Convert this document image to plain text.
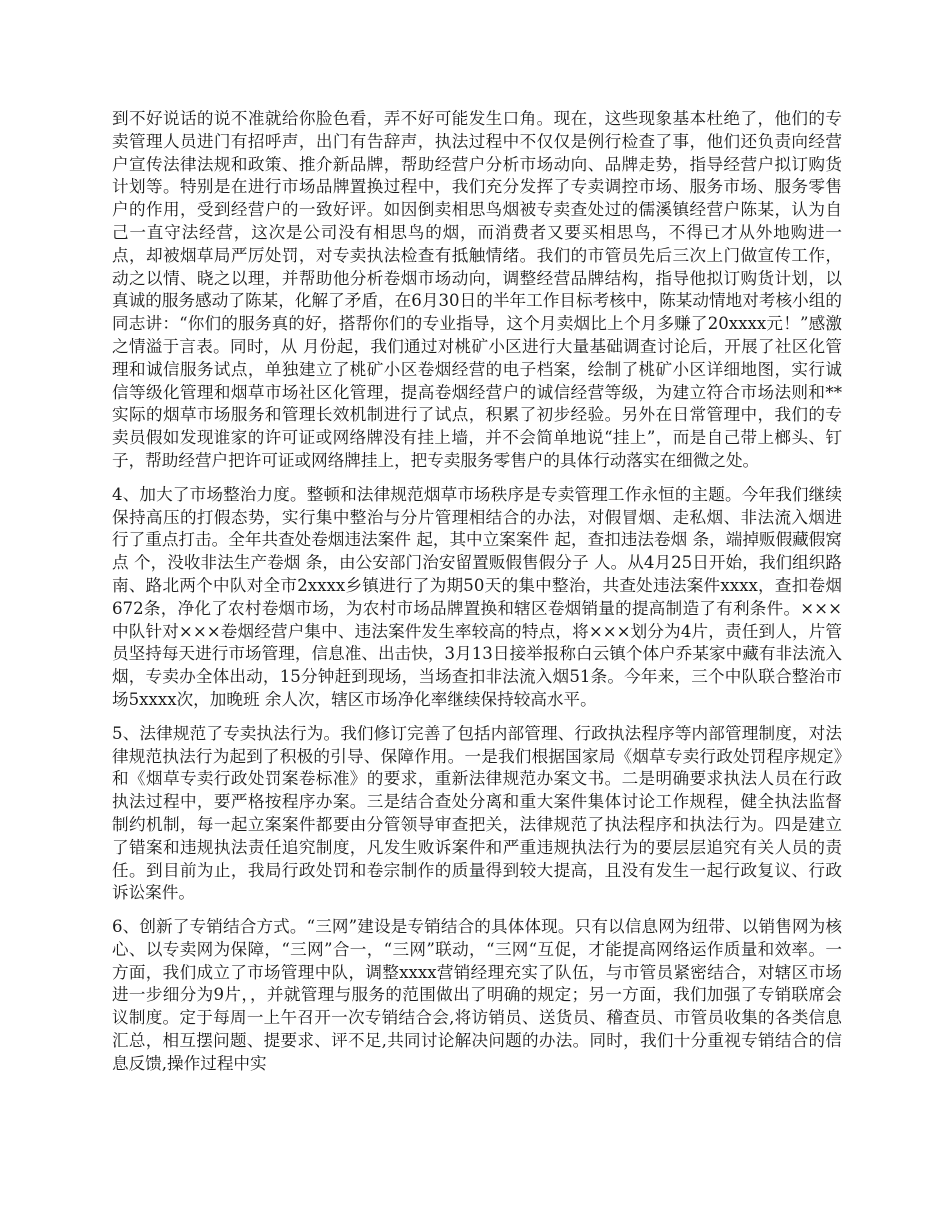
到不好说话的说不准就给你脸色看，弄不好可能发生口角。现在，这些现象基本杜绝了，他们的专卖管理人员进门有招呼声，出门有告辞声，执法过程中不仅仅是例行检查了事，他们还负责向经营户宣传法律法规和政策、推介新品牌，帮助经营户分析市场动向、品牌走势，指导经营户拟订购货计划等。特别是在进行市场品牌置换过程中，我们充分发挥了专卖调控市场、服务市场、服务零售户的作用，受到经营户的一致好评。如因倒卖相思鸟烟被专卖查处过的儒溪镇经营户陈某，认为自己一直守法经营，这次是公司没有相思鸟的烟，而消费者又要买相思鸟，不得已才从外地购进一点，却被烟草局严厉处罚，对专卖执法检查有抵触情绪。我们的市管员先后三次上门做宣传工作，动之以情、晓之以理，并帮助他分析卷烟市场动向，调整经营品牌结构，指导他拟订购货计划，以真诚的服务感动了陈某，化解了矛盾，在6月30日的半年工作目标考核中，陈某动情地对考核小组的同志讲：“你们的服务真的好，搭帮你们的专业指导，这个月卖烟比上个月多赚了20xxxx元！”感激之情溢于言表。同时，从 月份起，我们通过对桃矿小区进行大量基础调查讨论后，开展了社区化管理和诚信服务试点，单独建立了桃矿小区卷烟经营的电子档案，绘制了桃矿小区详细地图，实行诚信等级化管理和烟草市场社区化管理，提高卷烟经营户的诚信经营等级，为建立符合市场法则和**实际的烟草市场服务和管理长效机制进行了试点，积累了初步经验。另外在日常管理中，我们的专卖员假如发现谁家的许可证或网络牌没有挂上墙，并不会简单地说“挂上”，而是自己带上榔头、钉子，帮助经营户把许可证或网络牌挂上，把专卖服务零售户的具体行动落实在细微之处。

4、加大了市场整治力度。整顿和法律规范烟草市场秩序是专卖管理工作永恒的主题。今年我们继续保持高压的打假态势，实行集中整治与分片管理相结合的办法，对假冒烟、走私烟、非法流入烟进行了重点打击。全年共查处卷烟违法案件 起，其中立案案件 起，查扣违法卷烟 条，端掉贩假藏假窝点 个，没收非法生产卷烟 条，由公安部门治安留置贩假售假分子 人。从4月25日开始，我们组织路南、路北两个中队对全市2xxxx乡镇进行了为期50天的集中整治，共查处违法案件xxxx，查扣卷烟672条，净化了农村卷烟市场，为农村市场品牌置换和辖区卷烟销量的提高制造了有利条件。×××中队针对×××卷烟经营户集中、违法案件发生率较高的特点，将×××划分为4片，责任到人，片管员坚持每天进行市场管理，信息准、出击快，3月13日接举报称白云镇个体户乔某家中藏有非法流入烟，专卖办全体出动，15分钟赶到现场，当场查扣非法流入烟51条。今年来，三个中队联合整治市场5xxxx次，加晚班 余人次，辖区市场净化率继续保持较高水平。

5、法律规范了专卖执法行为。我们修订完善了包括内部管理、行政执法程序等内部管理制度，对法律规范执法行为起到了积极的引导、保障作用。一是我们根据国家局《烟草专卖行政处罚程序规定》和《烟草专卖行政处罚案卷标准》的要求，重新法律规范办案文书。二是明确要求执法人员在行政执法过程中，要严格按程序办案。三是结合查处分离和重大案件集体讨论工作规程，健全执法监督制约机制，每一起立案案件都要由分管领导审查把关，法律规范了执法程序和执法行为。四是建立了错案和违规执法责任追究制度，凡发生败诉案件和严重违规执法行为的要层层追究有关人员的责任。到目前为止，我局行政处罚和卷宗制作的质量得到较大提高，且没有发生一起行政复议、行政诉讼案件。

6、创新了专销结合方式。“三网”建设是专销结合的具体体现。只有以信息网为纽带、以销售网为核心、以专卖网为保障，“三网”合一，“三网”联动，“三网“互促，才能提高网络运作质量和效率。一方面，我们成立了市场管理中队，调整xxxx营销经理充实了队伍，与市管员紧密结合，对辖区市场进一步细分为9片，，并就管理与服务的范围做出了明确的规定；另一方面，我们加强了专销联席会议制度。定于每周一上午召开一次专销结合会,将访销员、送货员、稽查员、市管员收集的各类信息汇总，相互摆问题、提要求、评不足,共同讨论解决问题的办法。同时，我们十分重视专销结合的信息反馈,操作过程中实
